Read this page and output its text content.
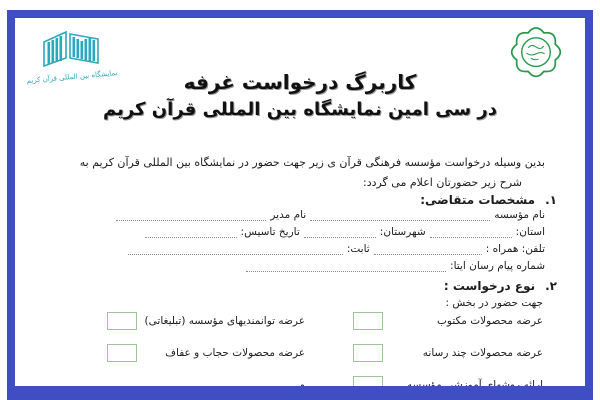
نمایشگاه بین المللی قرآن کریم	کاربرگ درخواست غرفه
در سی امین نمایشگاه بین المللی قرآن کریم
بدین وسیله درخواست مؤسسه فرهنگی قرآن ی زیر جهت حضور در نمایشگاه بین المللی قرآن کریم به
شرح زیر حضورتان اعلام می گردد:
۱.
مشخصات متقاضی:
نام مؤسسه
نام مدیر
استان:
شهرستان:
تاریخ تاسیس:
تلفن: همراه :
ثابت:
شماره پیام رسان ایتا:
۲.
نوع درخواست :
جهت حضور در بخش :
عرضه محصولات مکتوب
عرضه توانمندیهای مؤسسه (تبلیغاتی)
عرضه محصولات چند رسانه
عرضه محصولات حجاب و عفاف
ارائه روشهای آموزشی مؤسسه
و
